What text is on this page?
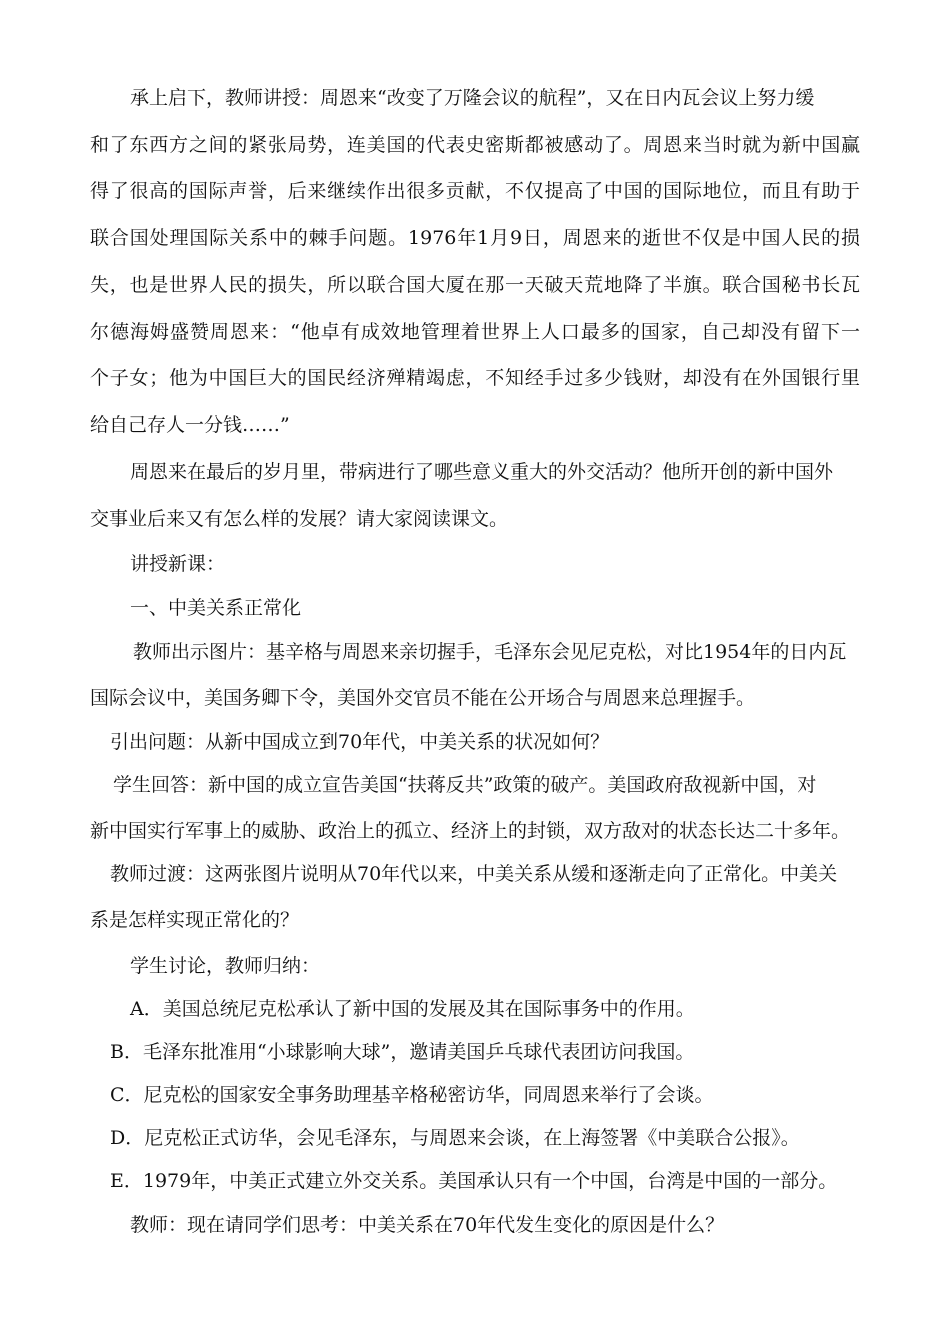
承上启下，教师讲授：周恩来“改变了万隆会议的航程”，又在日内瓦会议上努力缓
和了东西方之间的紧张局势，连美国的代表史密斯都被感动了。周恩来当时就为新中国赢
得了很高的国际声誉，后来继续作出很多贡献，不仅提高了中国的国际地位，而且有助于
联合国处理国际关系中的棘手问题。1976年1月9日，周恩来的逝世不仅是中国人民的损
失，也是世界人民的损失，所以联合国大厦在那一天破天荒地降了半旗。联合国秘书长瓦
尔德海姆盛赞周恩来：“他卓有成效地管理着世界上人口最多的国家，自己却没有留下一
个子女；他为中国巨大的国民经济殚精竭虑，不知经手过多少钱财，却没有在外国银行里
给自己存人一分钱……”
周恩来在最后的岁月里，带病进行了哪些意义重大的外交活动？他所开创的新中国外
交事业后来又有怎么样的发展？请大家阅读课文。
讲授新课：
一、中美关系正常化
教师出示图片：基辛格与周恩来亲切握手，毛泽东会见尼克松，对比1954年的日内瓦
国际会议中，美国务卿下令，美国外交官员不能在公开场合与周恩来总理握手。
引出问题：从新中国成立到70年代，中美关系的状况如何？
学生回答：新中国的成立宣告美国“扶蒋反共”政策的破产。美国政府敌视新中国，对
新中国实行军事上的威胁、政治上的孤立、经济上的封锁，双方敌对的状态长达二十多年。
教师过渡：这两张图片说明从70年代以来，中美关系从缓和逐渐走向了正常化。中美关
系是怎样实现正常化的？
学生讨论，教师归纳：
A．美国总统尼克松承认了新中国的发展及其在国际事务中的作用。
B．毛泽东批准用“小球影响大球”，邀请美国乒乓球代表团访问我国。
C．尼克松的国家安全事务助理基辛格秘密访华，同周恩来举行了会谈。
D．尼克松正式访华，会见毛泽东，与周恩来会谈，在上海签署《中美联合公报》。
E．1979年，中美正式建立外交关系。美国承认只有一个中国，台湾是中国的一部分。
教师：现在请同学们思考：中美关系在70年代发生变化的原因是什么？
